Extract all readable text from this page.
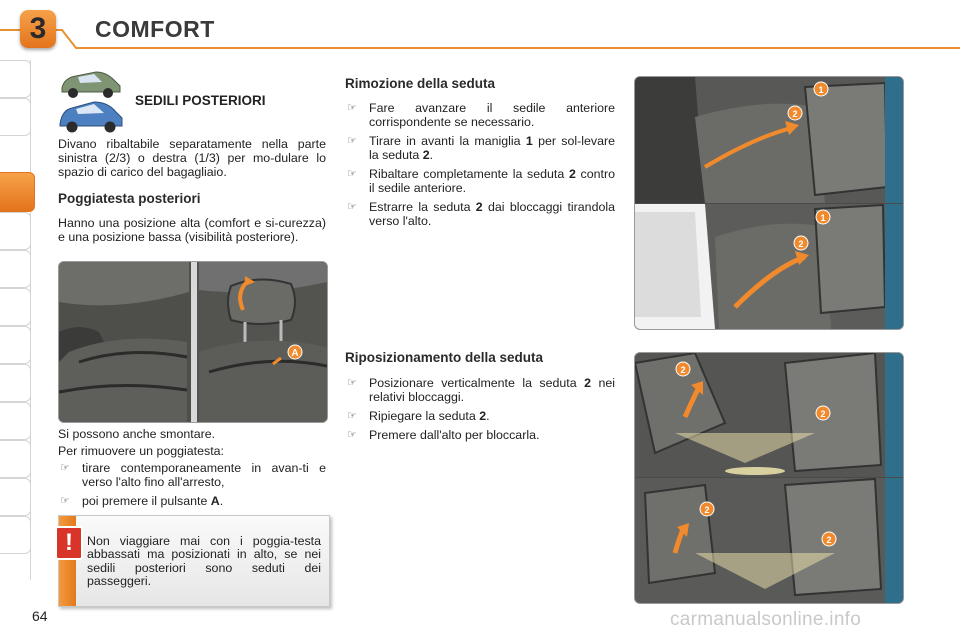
3	COMFORT
SEDILI POSTERIORI
Divano ribaltabile separatamente nella parte sinistra (2/3) o destra (1/3) per mo-dulare lo spazio di carico del bagagliaio.
Poggiatesta posteriori
Hanno una posizione alta (comfort e si-curezza) e una posizione bassa (visibilità posteriore).
A
Si possono anche smontare.
Per rimuovere un poggiatesta:
☞ tirare contemporaneamente in avan-ti e verso l'alto fino all'arresto,
☞ poi premere il pulsante A.
!	Non viaggiare mai con i poggia-testa abbassati ma posizionati in alto, se nei sedili posteriori sono seduti dei passeggeri.
Rimozione della seduta
☞ Fare avanzare il sedile anteriore corrispondente se necessario.
☞ Tirare in avanti la maniglia 1 per sol-levare la seduta 2.
☞ Ribaltare completamente la seduta 2 contro il sedile anteriore.
☞ Estrarre la seduta 2 dai bloccaggi tirandola verso l'alto.
Riposizionamento della seduta
☞ Posizionare verticalmente la seduta 2 nei relativi bloccaggi.
☞ Ripiegare la seduta 2.
☞ Premere dall'alto per bloccarla.
1
2
1
2
2
2
2
2
64	carmanualsonline.info
